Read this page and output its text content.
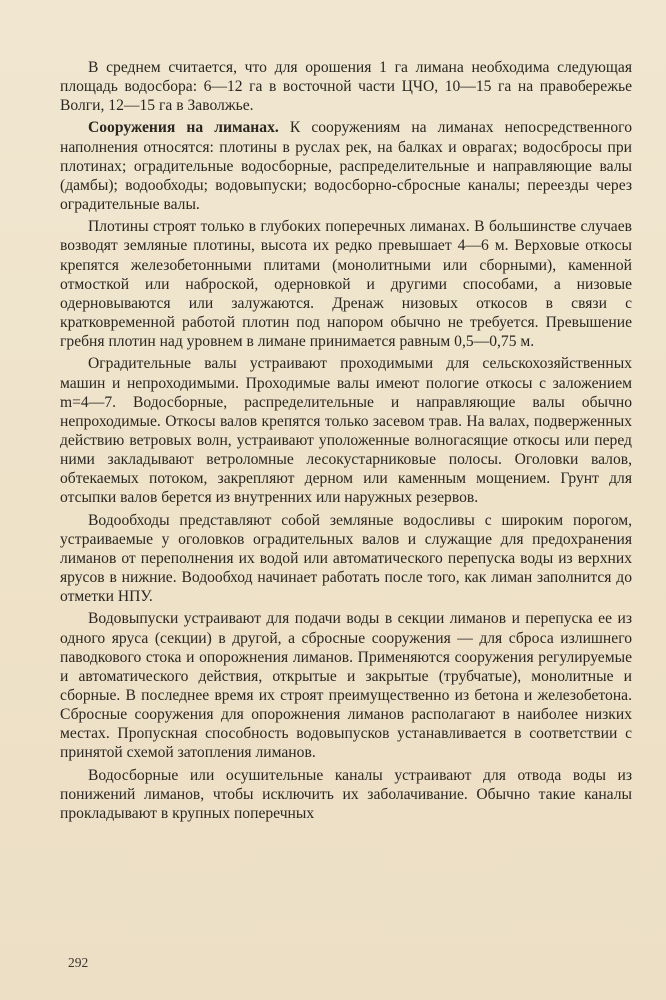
В среднем считается, что для орошения 1 га лимана необходима следующая площадь водосбора: 6—12 га в восточной части ЦЧО, 10—15 га на правобережье Волги, 12—15 га в Заволжье.

Сооружения на лиманах. К сооружениям на лиманах непосредственного наполнения относятся: плотины в руслах рек, на балках и оврагах; водосбросы при плотинах; оградительные водосборные, распределительные и направляющие валы (дамбы); водообходы; водовыпуски; водосборно-сбросные каналы; переезды через оградительные валы.

Плотины строят только в глубоких поперечных лиманах. В большинстве случаев возводят земляные плотины, высота их редко превышает 4—6 м. Верховые откосы крепятся железобетонными плитами (монолитными или сборными), каменной отмосткой или наброской, одерновкой и другими способами, а низовые одерновываются или залужаются. Дренаж низовых откосов в связи с кратковременной работой плотин под напором обычно не требуется. Превышение гребня плотин над уровнем в лимане принимается равным 0,5—0,75 м.

Оградительные валы устраивают проходимыми для сельскохозяйственных машин и непроходимыми. Проходимые валы имеют пологие откосы с заложением m=4—7. Водосборные, распределительные и направляющие валы обычно непроходимые. Откосы валов крепятся только засевом трав. На валах, подверженных действию ветровых волн, устраивают уположенные волногасящие откосы или перед ними закладывают ветроломные лесокустарниковые полосы. Оголовки валов, обтекаемых потоком, закрепляют дерном или каменным мощением. Грунт для отсыпки валов берется из внутренних или наружных резервов.

Водообходы представляют собой земляные водосливы с широким порогом, устраиваемые у оголовков оградительных валов и служащие для предохранения лиманов от переполнения их водой или автоматического перепуска воды из верхних ярусов в нижние. Водообход начинает работать после того, как лиман заполнится до отметки НПУ.

Водовыпуски устраивают для подачи воды в секции лиманов и перепуска ее из одного яруса (секции) в другой, а сбросные сооружения — для сброса излишнего паводкового стока и опорожнения лиманов. Применяются сооружения регулируемые и автоматического действия, открытые и закрытые (трубчатые), монолитные и сборные. В последнее время их строят преимущественно из бетона и железобетона. Сбросные сооружения для опорожнения лиманов располагают в наиболее низких местах. Пропускная способность водовыпусков устанавливается в соответствии с принятой схемой затопления лиманов.

Водосборные или осушительные каналы устраивают для отвода воды из понижений лиманов, чтобы исключить их заболачивание. Обычно такие каналы прокладывают в крупных поперечных

292
